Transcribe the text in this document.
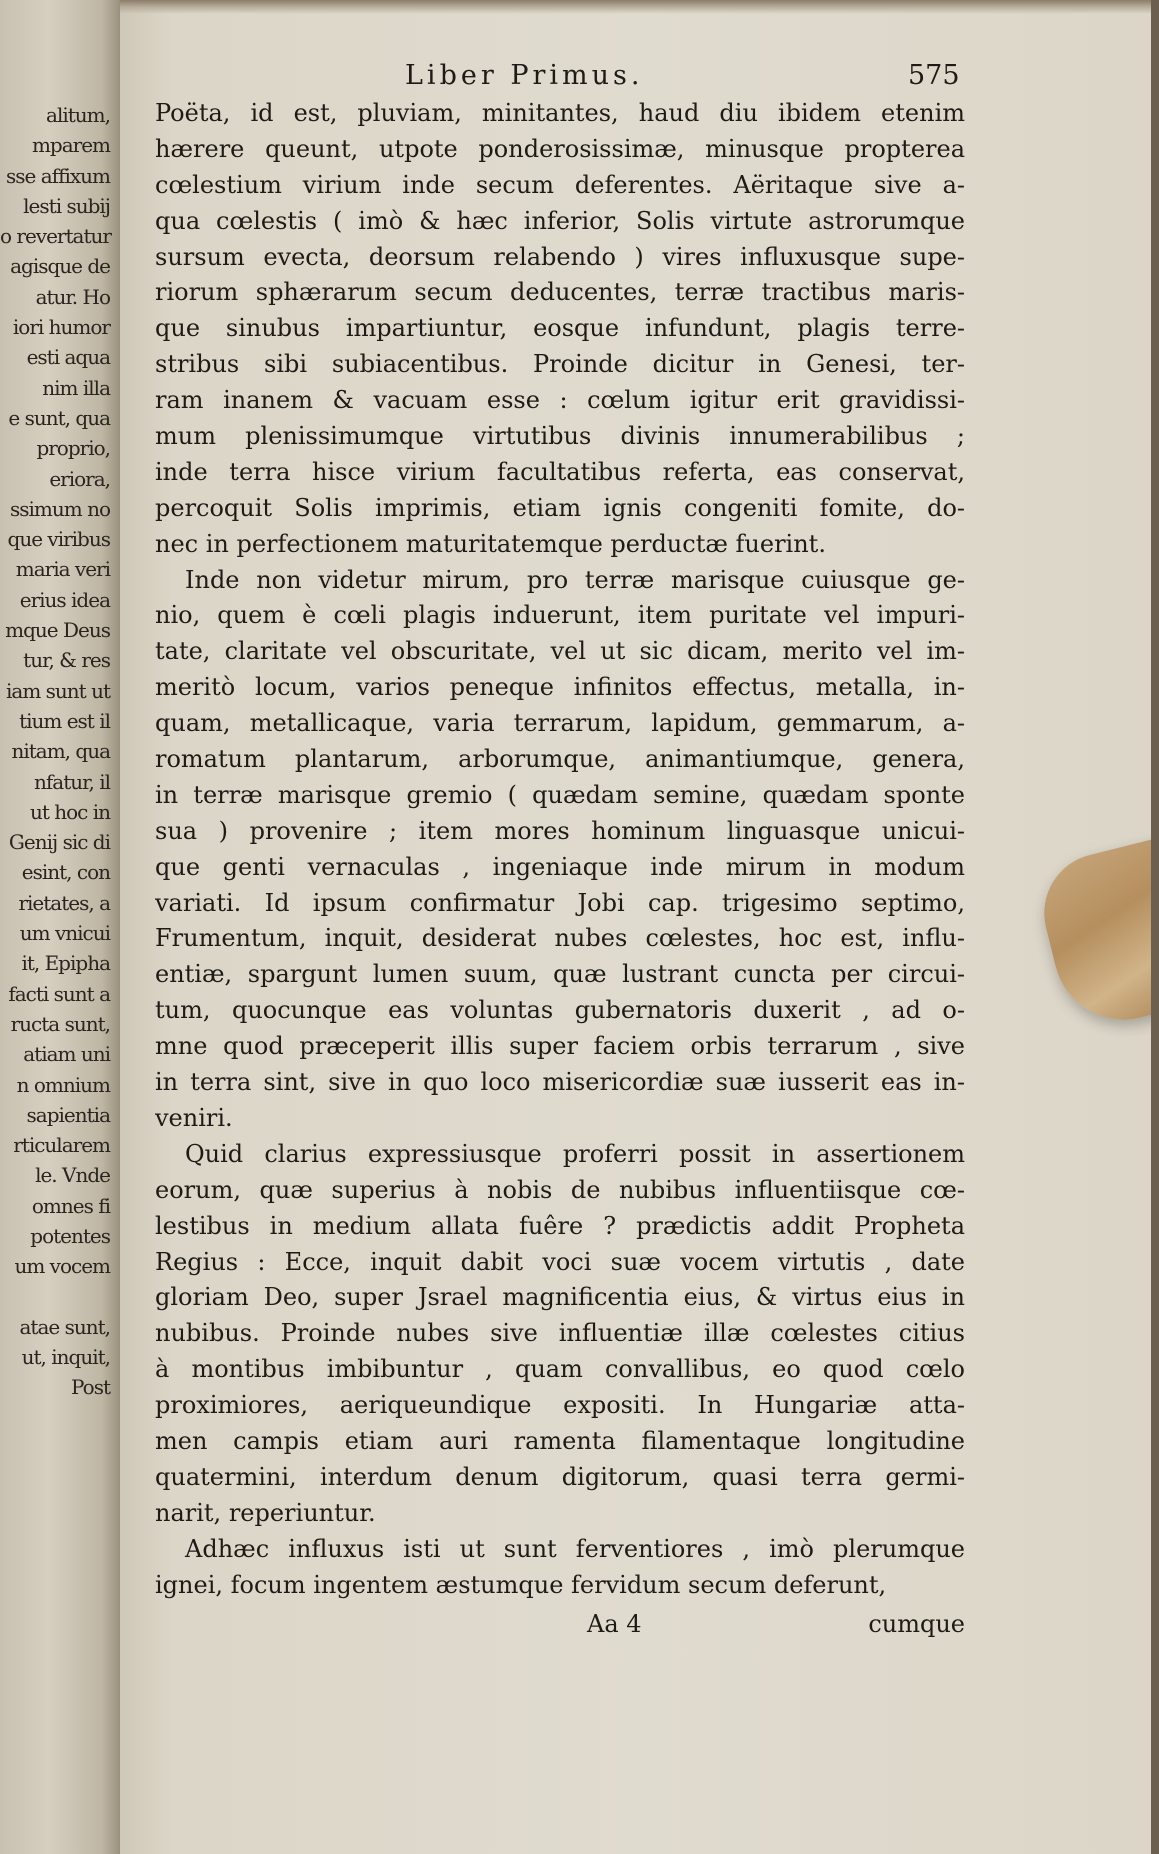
alitum,
mparem
sse affixum
lesti subij
o revertatur
agisque de
atur. Ho
iori humor
esti aqua
nim illa
e sunt, qua
proprio,
eriora,
ssimum no
que viribus
maria veri
erius idea
mque Deus
tur, & res
iam sunt ut
tium est il
nitam, qua
nfatur, il
ut hoc in
Genij sic di
esint, con
rietates, a
um vnicui
it, Epipha
facti sunt a
ructa sunt,
atiam uni
n omnium
sapientia
rticularem
le. Vnde
omnes fi
potentes
um vocem

atae sunt,
ut, inquit,
Post
Liber Primus.	575
Poëta, id est, pluviam, minitantes, haud diu ibidem etenim
hærere queunt, utpote ponderosissimæ, minusque propterea
cœlestium virium inde secum deferentes. Aëritaque sive a-
qua cœlestis ( imò & hæc inferior, Solis virtute astrorumque
sursum evecta, deorsum relabendo ) vires influxusque supe-
riorum sphærarum secum deducentes, terræ tractibus maris-
que sinubus impartiuntur, eosque infundunt, plagis terre-
stribus sibi subiacentibus. Proinde dicitur in Genesi, ter-
ram inanem & vacuam esse : cœlum igitur erit gravidissi-
mum plenissimumque virtutibus divinis innumerabilibus ;
inde terra hisce virium facultatibus referta, eas conservat,
percoquit Solis imprimis, etiam ignis congeniti fomite, do-
nec in perfectionem maturitatemque perductæ fuerint.
Inde non videtur mirum, pro terræ marisque cuiusque ge-
nio, quem è cœli plagis induerunt, item puritate vel impuri-
tate, claritate vel obscuritate, vel ut sic dicam, merito vel im-
meritò locum, varios peneque infinitos effectus, metalla, in-
quam, metallicaque, varia terrarum, lapidum, gemmarum, a-
romatum plantarum, arborumque, animantiumque, genera,
in terræ marisque gremio ( quædam semine, quædam sponte
sua ) provenire ; item mores hominum linguasque unicui-
que genti vernaculas , ingeniaque inde mirum in modum
variati. Id ipsum confirmatur Jobi cap. trigesimo septimo,
Frumentum, inquit, desiderat nubes cœlestes, hoc est, influ-
entiæ, spargunt lumen suum, quæ lustrant cuncta per circui-
tum, quocunque eas voluntas gubernatoris duxerit , ad o-
mne quod præceperit illis super faciem orbis terrarum , sive
in terra sint, sive in quo loco misericordiæ suæ iusserit eas in-
veniri.
Quid clarius expressiusque proferri possit in assertionem
eorum, quæ superius à nobis de nubibus influentiisque cœ-
lestibus in medium allata fuêre ? prædictis addit Propheta
Regius : Ecce, inquit dabit voci suæ vocem virtutis , date
gloriam Deo, super Jsrael magnificentia eius, & virtus eius in
nubibus. Proinde nubes sive influentiæ illæ cœlestes citius
à montibus imbibuntur , quam convallibus, eo quod cœlo
proximiores, aeriqueundique expositi. In Hungariæ atta-
men campis etiam auri ramenta filamentaque longitudine
quatermini, interdum denum digitorum, quasi terra germi-
narit, reperiuntur.
Adhæc influxus isti ut sunt ferventiores , imò plerumque
ignei, focum ingentem æstumque fervidum secum deferunt,
Aa 4	cumque
